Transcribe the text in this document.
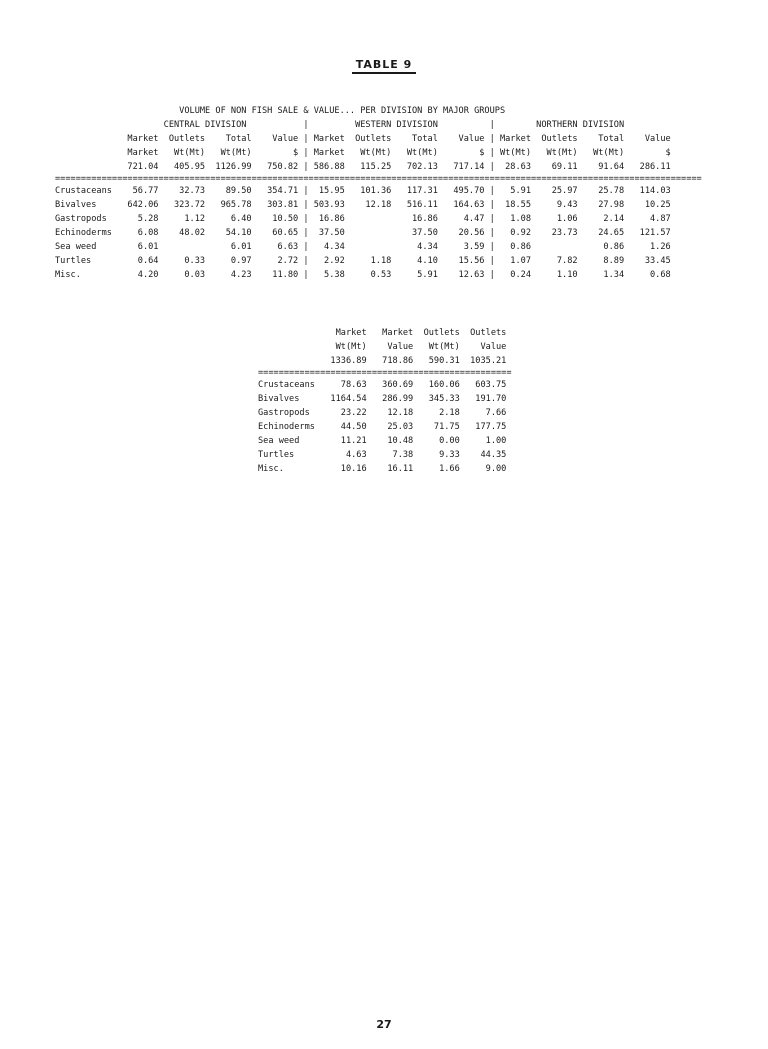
TABLE 9
VOLUME OF NON FISH SALE & VALUE... PER DIVISION BY MAJOR GROUPS
CENTRAL DIVISION           |         WESTERN DIVISION          |        NORTHERN DIVISION
Market  Outlets    Total    Value | Market  Outlets    Total    Value | Market  Outlets    Total    Value
Market   Wt(Mt)   Wt(Mt)        $ | Market   Wt(Mt)   Wt(Mt)        $ | Wt(Mt)   Wt(Mt)   Wt(Mt)        $
721.04   405.95  1126.99   750.82 | 586.88   115.25   702.13   717.14 |  28.63    69.11    91.64   286.11
=============================================================================================================================
Crustaceans    56.77    32.73    89.50   354.71 |  15.95   101.36   117.31   495.70 |   5.91    25.97    25.78   114.03
Bivalves      642.06   323.72   965.78   303.81 | 503.93    12.18   516.11   164.63 |  18.55     9.43    27.98    10.25
Gastropods      5.28     1.12     6.40    10.50 |  16.86             16.86     4.47 |   1.08     1.06     2.14     4.87
Echinoderms     6.08    48.02    54.10    60.65 |  37.50             37.50    20.56 |   0.92    23.73    24.65   121.57
Sea weed        6.01              6.01     6.63 |   4.34              4.34     3.59 |   0.86              0.86     1.26
Turtles         0.64     0.33     0.97     2.72 |   2.92     1.18     4.10    15.56 |   1.07     7.82     8.89    33.45
Misc.           4.20     0.03     4.23    11.80 |   5.38     0.53     5.91    12.63 |   0.24     1.10     1.34     0.68
Market   Market  Outlets  Outlets
Wt(Mt)    Value   Wt(Mt)    Value
1336.89   718.86   590.31  1035.21
=================================================
Crustaceans     78.63   360.69   160.06   603.75
Bivalves      1164.54   286.99   345.33   191.70
Gastropods      23.22    12.18     2.18     7.66
Echinoderms     44.50    25.03    71.75   177.75
Sea weed        11.21    10.48     0.00     1.00
Turtles          4.63     7.38     9.33    44.35
Misc.           10.16    16.11     1.66     9.00
27
